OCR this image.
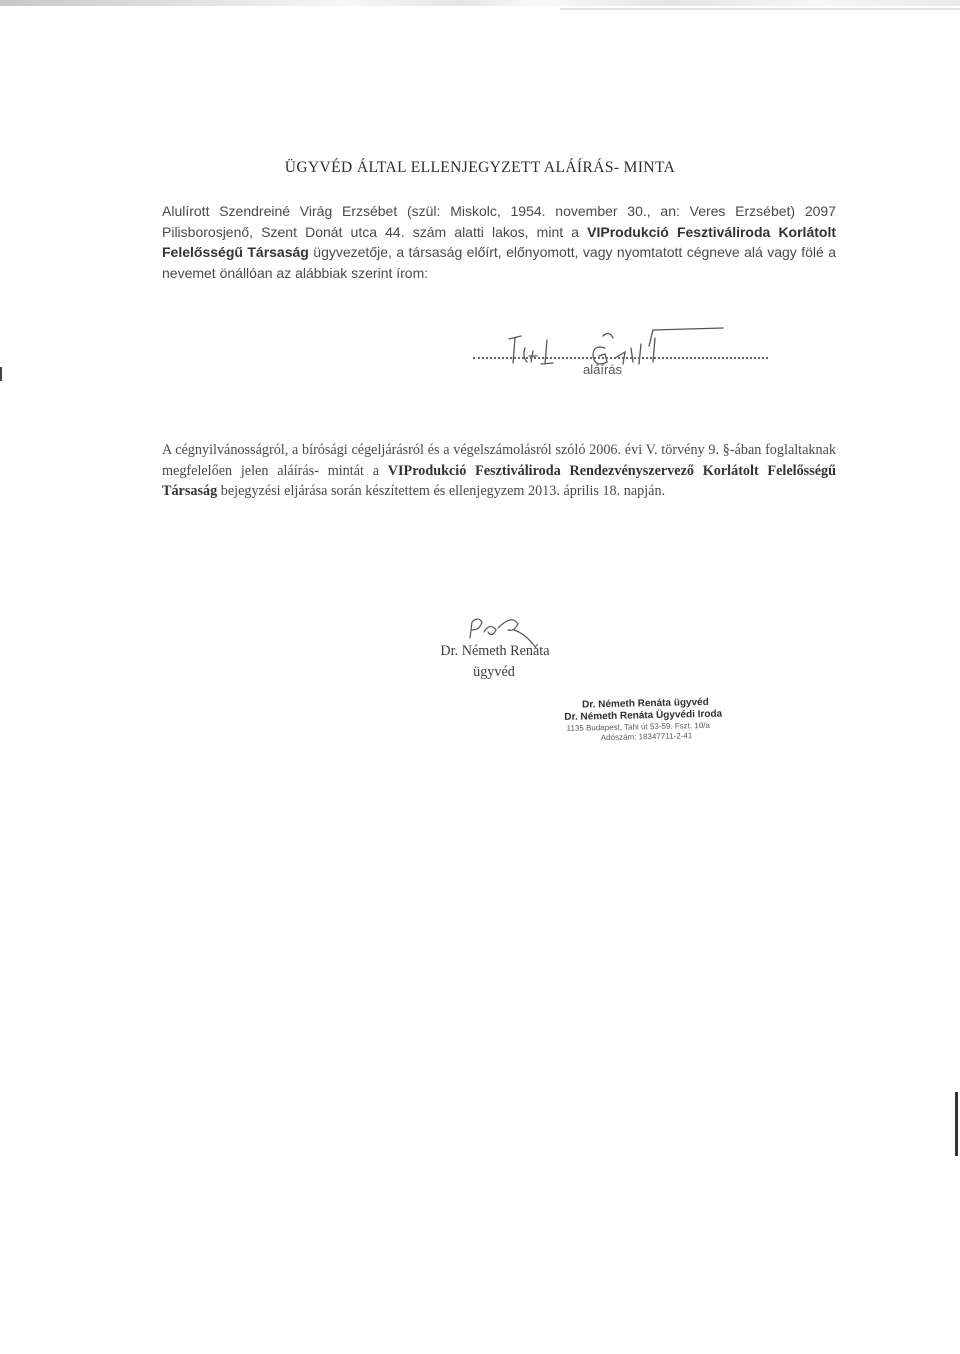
ÜGYVÉD ÁLTAL ELLENJEGYZETT ALÁÍRÁS- MINTA
Alulírott Szendreiné Virág Erzsébet (szül: Miskolc, 1954. november 30., an: Veres Erzsébet) 2097 Pilisborosjenő, Szent Donát utca 44. szám alatti lakos, mint a VIProdukció Fesztiváliroda Korlátolt Felelősségű Társaság ügyvezetője, a társaság előírt, előnyomott, vagy nyomtatott cégneve alá vagy fölé a nevemet önállóan az alábbiak szerint írom:
aláírás
A cégnyilvánosságról, a bírósági cégeljárásról és a végelszámolásról szóló 2006. évi V. törvény 9. §-ában foglaltaknak megfelelően jelen aláírás- mintát a VIProdukció Fesztiváliroda Rendezvényszervező Korlátolt Felelősségű Társaság bejegyzési eljárása során készítettem és ellenjegyzem 2013. április 18. napján.
Dr. Németh Renáta
ügyvéd
Dr. Németh Renáta ügyvéd
Dr. Németh Renáta Ügyvédi Iroda
1135 Budapest, Tahi út 53-59. Fszt. 10/a
Adószám: 18347711-2-41
